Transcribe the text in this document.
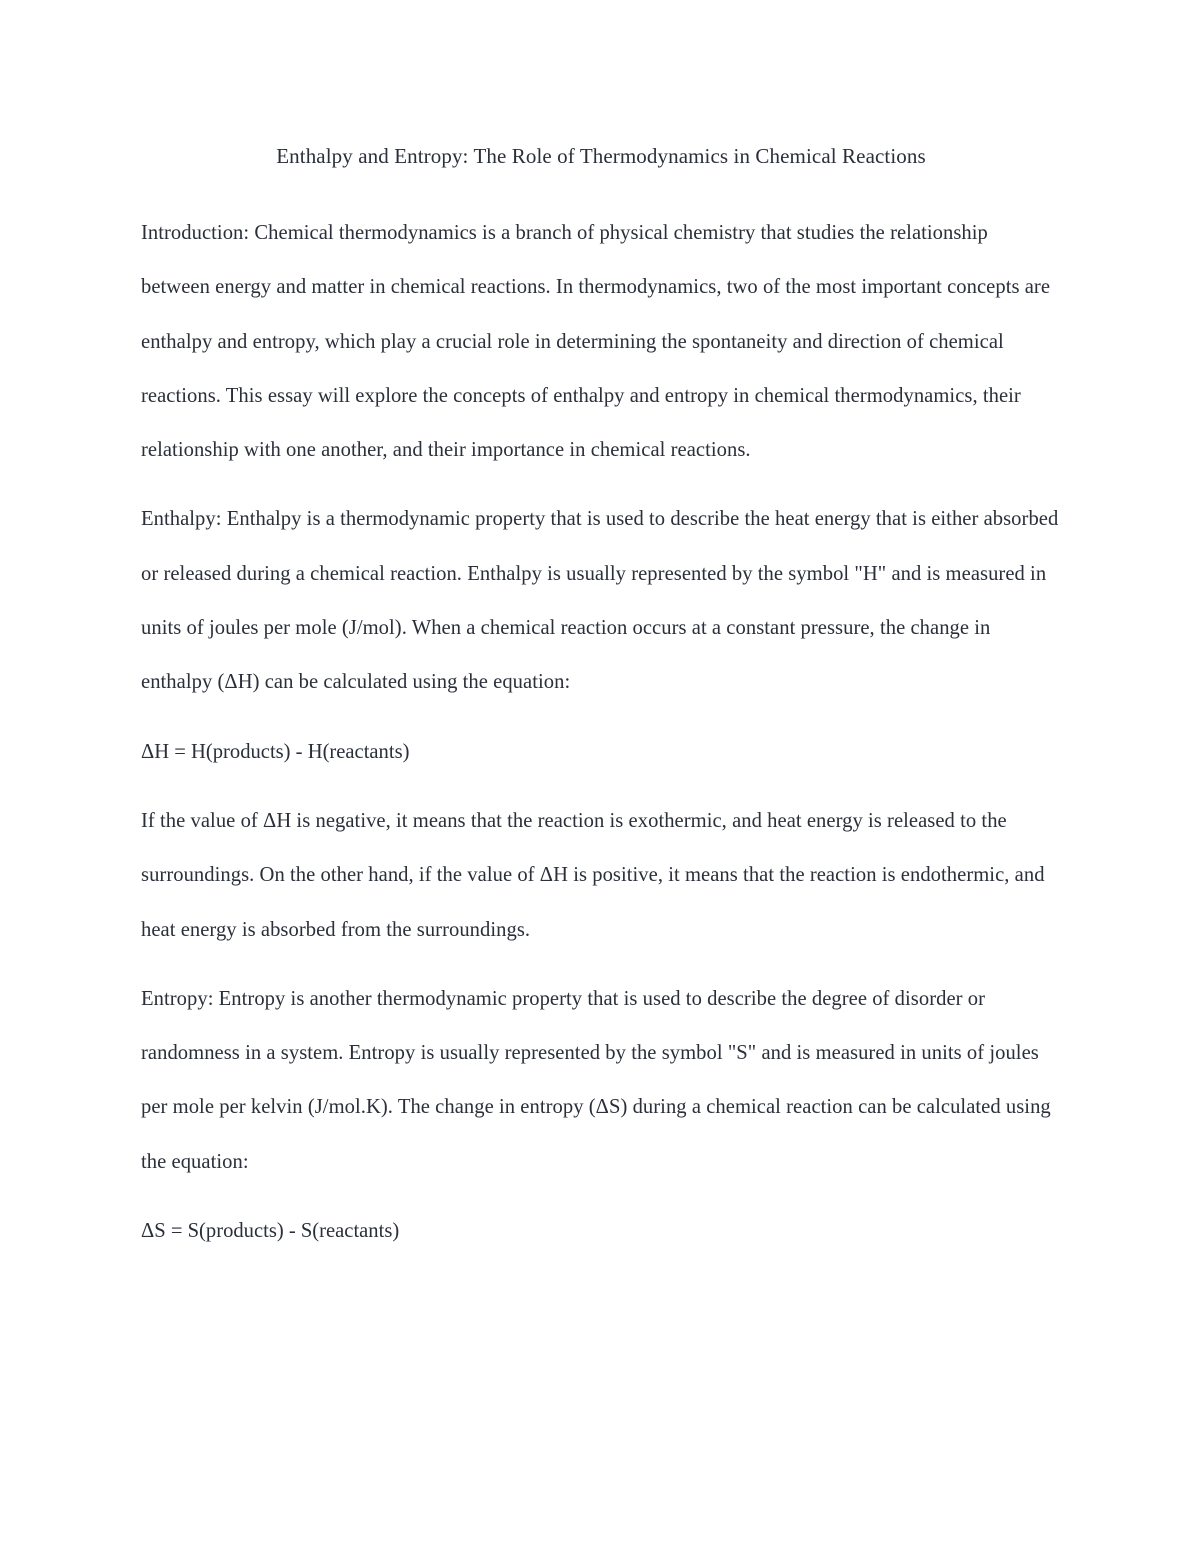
Enthalpy and Entropy: The Role of Thermodynamics in Chemical Reactions

Introduction: Chemical thermodynamics is a branch of physical chemistry that studies the relationship between energy and matter in chemical reactions. In thermodynamics, two of the most important concepts are enthalpy and entropy, which play a crucial role in determining the spontaneity and direction of chemical reactions. This essay will explore the concepts of enthalpy and entropy in chemical thermodynamics, their relationship with one another, and their importance in chemical reactions.

Enthalpy: Enthalpy is a thermodynamic property that is used to describe the heat energy that is either absorbed or released during a chemical reaction. Enthalpy is usually represented by the symbol "H" and is measured in units of joules per mole (J/mol). When a chemical reaction occurs at a constant pressure, the change in enthalpy (ΔH) can be calculated using the equation:

ΔH = H(products) - H(reactants)

If the value of ΔH is negative, it means that the reaction is exothermic, and heat energy is released to the surroundings. On the other hand, if the value of ΔH is positive, it means that the reaction is endothermic, and heat energy is absorbed from the surroundings.

Entropy: Entropy is another thermodynamic property that is used to describe the degree of disorder or randomness in a system. Entropy is usually represented by the symbol "S" and is measured in units of joules per mole per kelvin (J/mol.K). The change in entropy (ΔS) during a chemical reaction can be calculated using the equation:

ΔS = S(products) - S(reactants)
